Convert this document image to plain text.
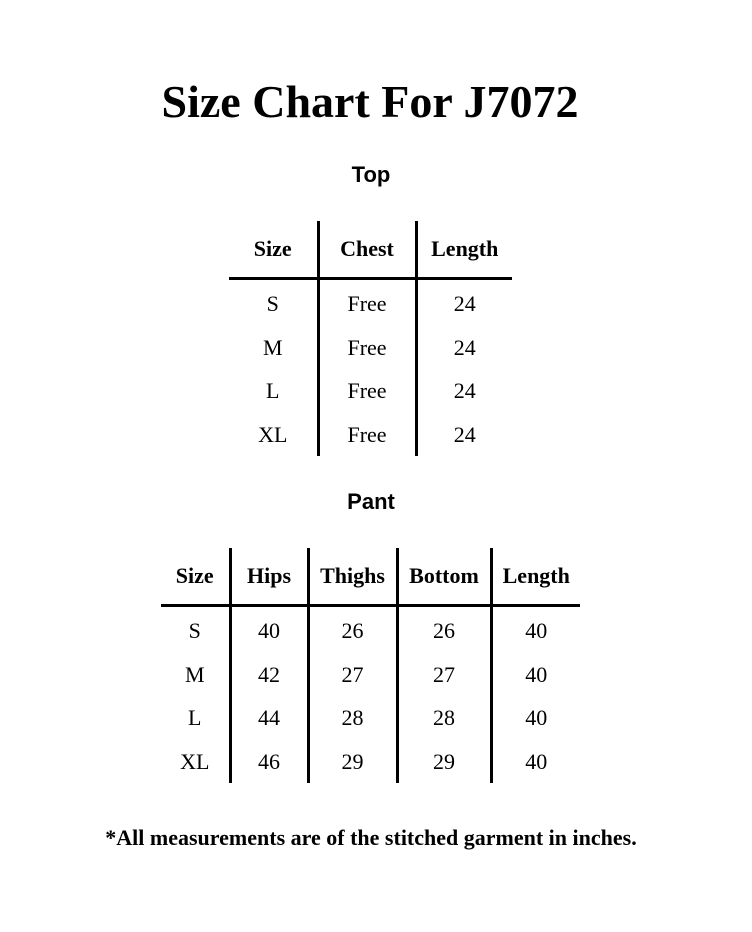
Size Chart For J7072
Top
Size	Chest	Length
S	Free	24
M	Free	24
L	Free	24
XL	Free	24
Pant
Size	Hips	Thighs	Bottom	Length
S	40	26	26	40
M	42	27	27	40
L	44	28	28	40
XL	46	29	29	40

*All measurements are of the stitched garment in inches.
